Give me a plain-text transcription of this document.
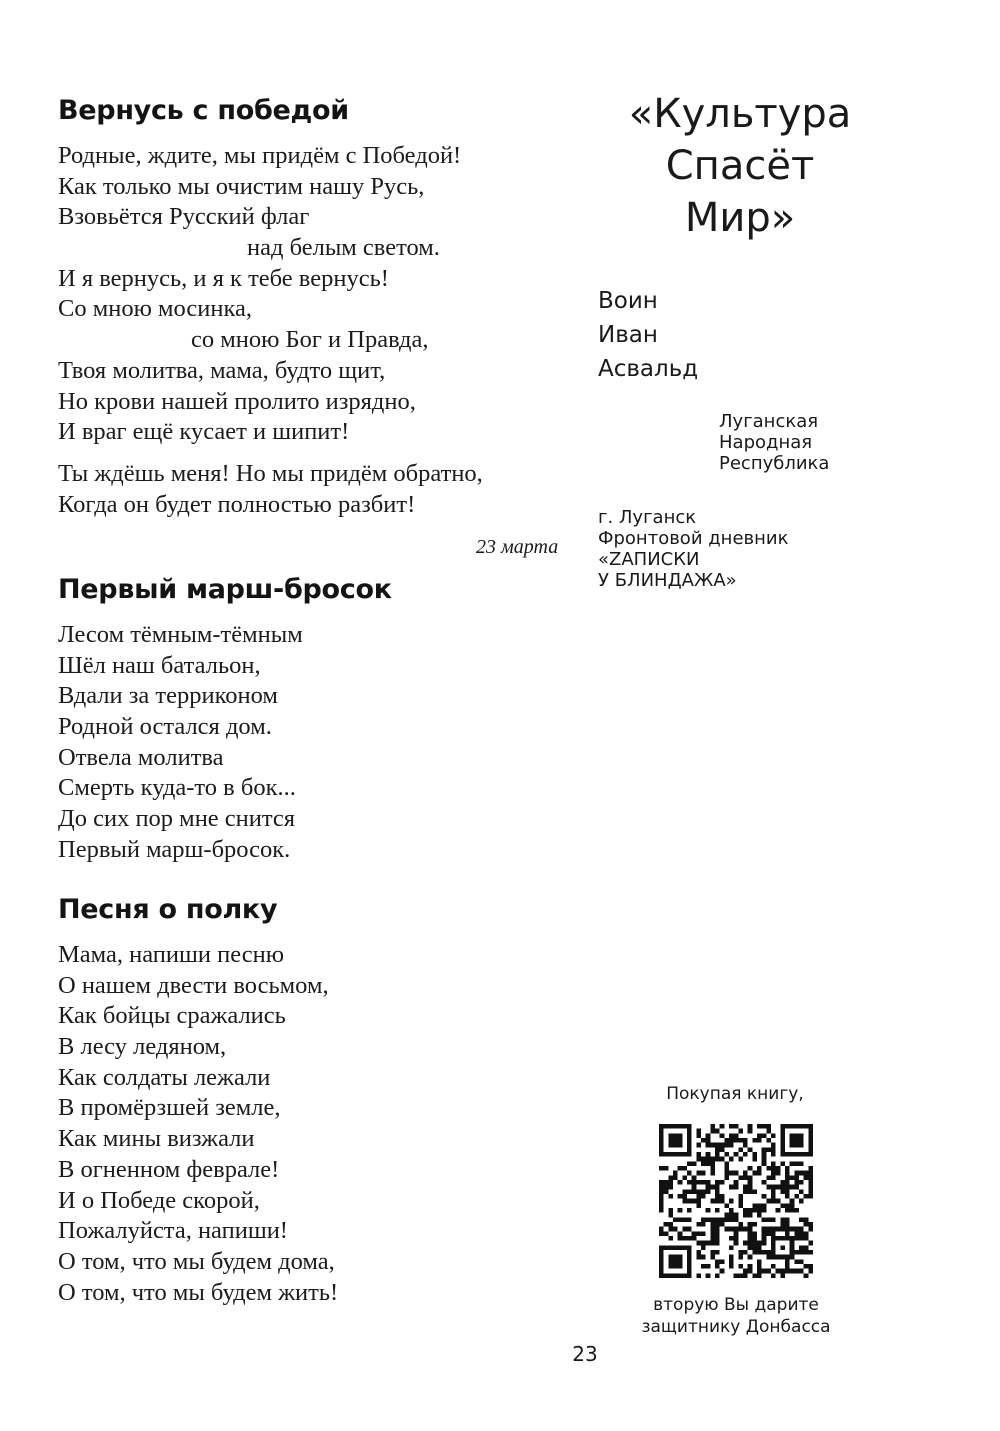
Вернусь с победой
Родные, ждите, мы придём с Победой!
Как только мы очистим нашу Русь,
Взовьётся Русский флаг
над белым светом.
И я вернусь, и я к тебе вернусь!
Со мною мосинка,
со мною Бог и Правда,
Твоя молитва, мама, будто щит,
Но крови нашей пролито изрядно,
И враг ещё кусает и шипит!
Ты ждёшь меня! Но мы придём обратно,
Когда он будет полностью разбит!
23 марта
Первый марш-бросок
Лесом тёмным-тёмным
Шёл наш батальон,
Вдали за терриконом
Родной остался дом.
Отвела молитва
Смерть куда-то в бок...
До сих пор мне снится
Первый марш-бросок.
Песня о полку
Мама, напиши песню
О нашем двести восьмом,
Как бойцы сражались
В лесу ледяном,
Как солдаты лежали
В промёрзшей земле,
Как мины визжали
В огненном феврале!
И о Победе скорой,
Пожалуйста, напиши!
О том, что мы будем дома,
О том, что мы будем жить!
«Культура
Спасёт
Мир»
Воин
Иван
Асвальд
Луганская
Народная
Республика
г. Луганск
Фронтовой дневник
«ZАПИСКИ
У БЛИНДАЖА»
Покупая книгу,
вторую Вы дарите
защитнику Донбасса
23
